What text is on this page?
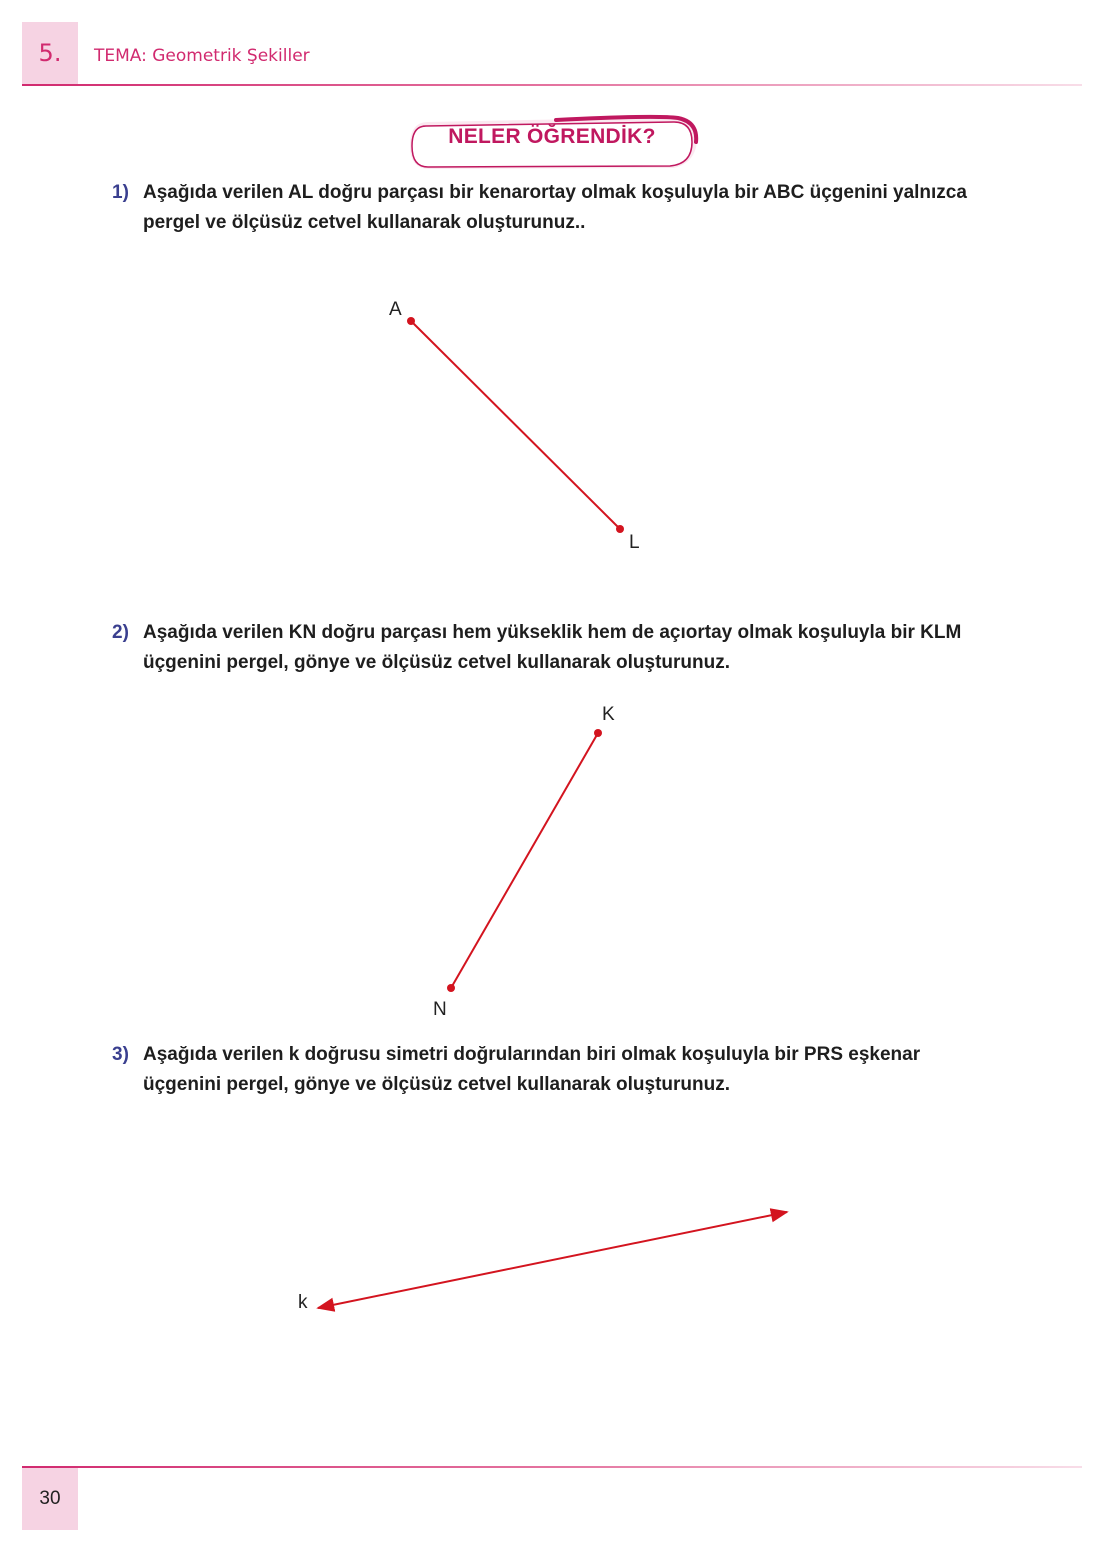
5. TEMA: Geometrik Şekiller
NELER ÖĞRENDİK?
1) Aşağıda verilen AL doğru parçası bir kenarortay olmak koşuluyla bir ABC üçgenini yalnızca pergel ve ölçüsüz cetvel kullanarak oluşturunuz..
2) Aşağıda verilen KN doğru parçası hem yükseklik hem de açıortay olmak koşuluyla bir KLM üçgenini pergel, gönye ve ölçüsüz cetvel kullanarak oluşturunuz.
3) Aşağıda verilen k doğrusu simetri doğrularından biri olmak koşuluyla bir PRS eşkenar üçgenini pergel, gönye ve ölçüsüz cetvel kullanarak oluşturunuz.
A
L
K
N
k
30
